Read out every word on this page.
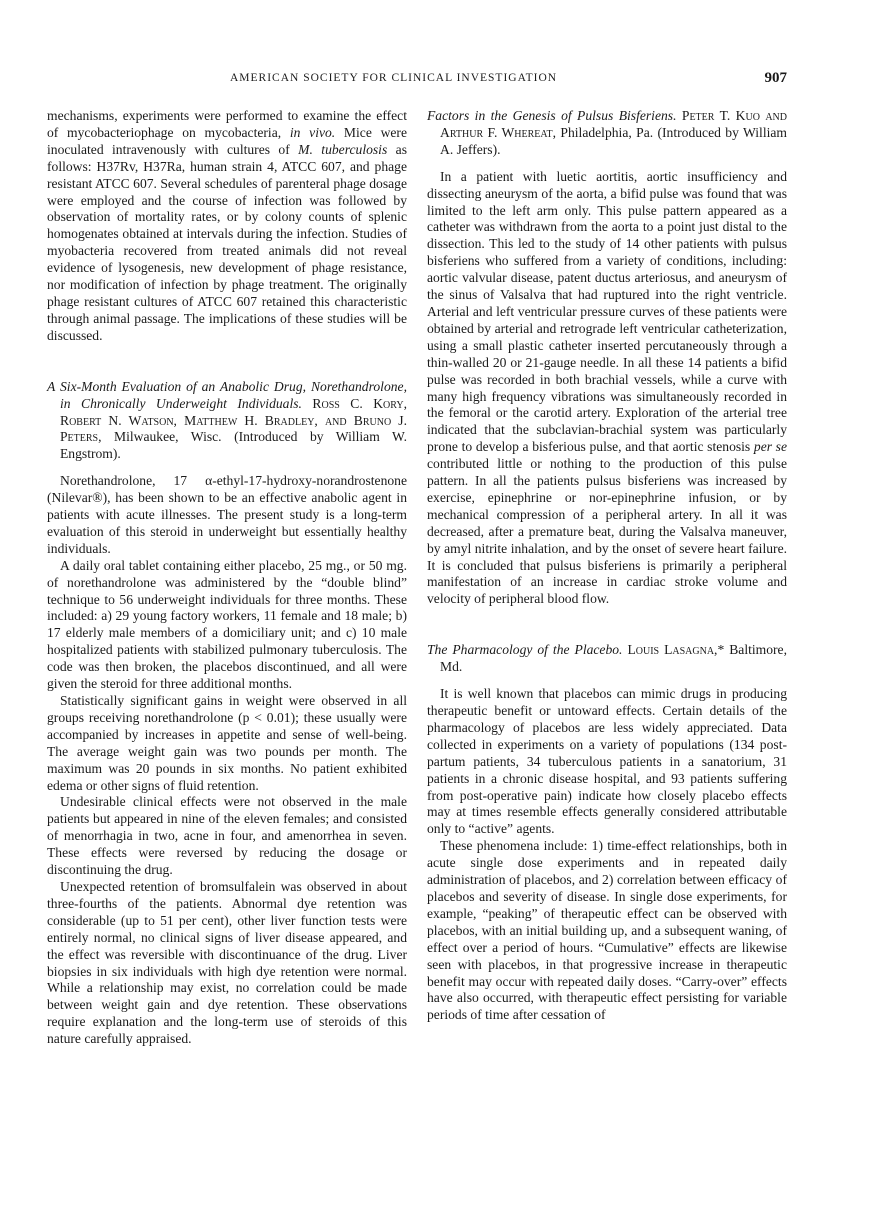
AMERICAN SOCIETY FOR CLINICAL INVESTIGATION	907

mechanisms, experiments were performed to examine the effect of mycobacteriophage on mycobacteria, in vivo. Mice were inoculated intravenously with cultures of M. tuberculosis as follows: H37Rv, H37Ra, human strain 4, ATCC 607, and phage resistant ATCC 607. Several schedules of parenteral phage dosage were employed and the course of infection was followed by observation of mortality rates, or by colony counts of splenic homogenates obtained at intervals during the infection. Studies of myobacteria recovered from treated animals did not reveal evidence of lysogenesis, new development of phage resistance, nor modification of infection by phage treatment. The originally phage resistant cultures of ATCC 607 retained this characteristic through animal passage. The implications of these studies will be discussed.

A Six-Month Evaluation of an Anabolic Drug, Norethandrolone, in Chronically Underweight Individuals. Ross C. Kory, Robert N. Watson, Matthew H. Bradley, and Bruno J. Peters, Milwaukee, Wisc. (Introduced by William W. Engstrom).

Norethandrolone, 17 α-ethyl-17-hydroxy-norandrostenone (Nilevar®), has been shown to be an effective anabolic agent in patients with acute illnesses. The present study is a long-term evaluation of this steroid in underweight but essentially healthy individuals.

A daily oral tablet containing either placebo, 25 mg., or 50 mg. of norethandrolone was administered by the “double blind” technique to 56 underweight individuals for three months. These included: a) 29 young factory workers, 11 female and 18 male; b) 17 elderly male members of a domiciliary unit; and c) 10 male hospitalized patients with stabilized pulmonary tuberculosis. The code was then broken, the placebos discontinued, and all were given the steroid for three additional months.

Statistically significant gains in weight were observed in all groups receiving norethandrolone (p < 0.01); these usually were accompanied by increases in appetite and sense of well-being. The average weight gain was two pounds per month. The maximum was 20 pounds in six months. No patient exhibited edema or other signs of fluid retention.

Undesirable clinical effects were not observed in the male patients but appeared in nine of the eleven females; and consisted of menorrhagia in two, acne in four, and amenorrhea in seven. These effects were reversed by reducing the dosage or discontinuing the drug.

Unexpected retention of bromsulfalein was observed in about three-fourths of the patients. Abnormal dye retention was considerable (up to 51 per cent), other liver function tests were entirely normal, no clinical signs of liver disease appeared, and the effect was reversible with discontinuance of the drug. Liver biopsies in six individuals with high dye retention were normal. While a relationship may exist, no correlation could be made between weight gain and dye retention. These observations require explanation and the long-term use of steroids of this nature carefully appraised.

Factors in the Genesis of Pulsus Bisferiens. Peter T. Kuo and Arthur F. Whereat, Philadelphia, Pa. (Introduced by William A. Jeffers).

In a patient with luetic aortitis, aortic insufficiency and dissecting aneurysm of the aorta, a bifid pulse was found that was limited to the left arm only. This pulse pattern appeared as a catheter was withdrawn from the aorta to a point just distal to the dissection. This led to the study of 14 other patients with pulsus bisferiens who suffered from a variety of conditions, including: aortic valvular disease, patent ductus arteriosus, and aneurysm of the sinus of Valsalva that had ruptured into the right ventricle. Arterial and left ventricular pressure curves of these patients were obtained by arterial and retrograde left ventricular catheterization, using a small plastic catheter inserted percutaneously through a thin-walled 20 or 21-gauge needle. In all these 14 patients a bifid pulse was recorded in both brachial vessels, while a curve with many high frequency vibrations was simultaneously recorded in the femoral or the carotid artery. Exploration of the arterial tree indicated that the subclavian-brachial system was particularly prone to develop a bisferious pulse, and that aortic stenosis per se contributed little or nothing to the production of this pulse pattern. In all the patients pulsus bisferiens was increased by exercise, epinephrine or nor-epinephrine infusion, or by mechanical compression of a peripheral artery. In all it was decreased, after a premature beat, during the Valsalva maneuver, by amyl nitrite inhalation, and by the onset of severe heart failure. It is concluded that pulsus bisferiens is primarily a peripheral manifestation of an increase in cardiac stroke volume and velocity of peripheral blood flow.

The Pharmacology of the Placebo. Louis Lasagna,* Baltimore, Md.

It is well known that placebos can mimic drugs in producing therapeutic benefit or untoward effects. Certain details of the pharmacology of placebos are less widely appreciated. Data collected in experiments on a variety of populations (134 post-partum patients, 34 tuberculous patients in a sanatorium, 31 patients in a chronic disease hospital, and 93 patients suffering from post-operative pain) indicate how closely placebo effects may at times resemble effects generally considered attributable only to “active” agents.

These phenomena include: 1) time-effect relationships, both in acute single dose experiments and in repeated daily administration of placebos, and 2) correlation between efficacy of placebos and severity of disease. In single dose experiments, for example, “peaking” of therapeutic effect can be observed with placebos, with an initial building up, and a subsequent waning, of effect over a period of hours. “Cumulative” effects are likewise seen with placebos, in that progressive increase in therapeutic benefit may occur with repeated daily doses. “Carry-over” effects have also occurred, with therapeutic effect persisting for variable periods of time after cessation of
